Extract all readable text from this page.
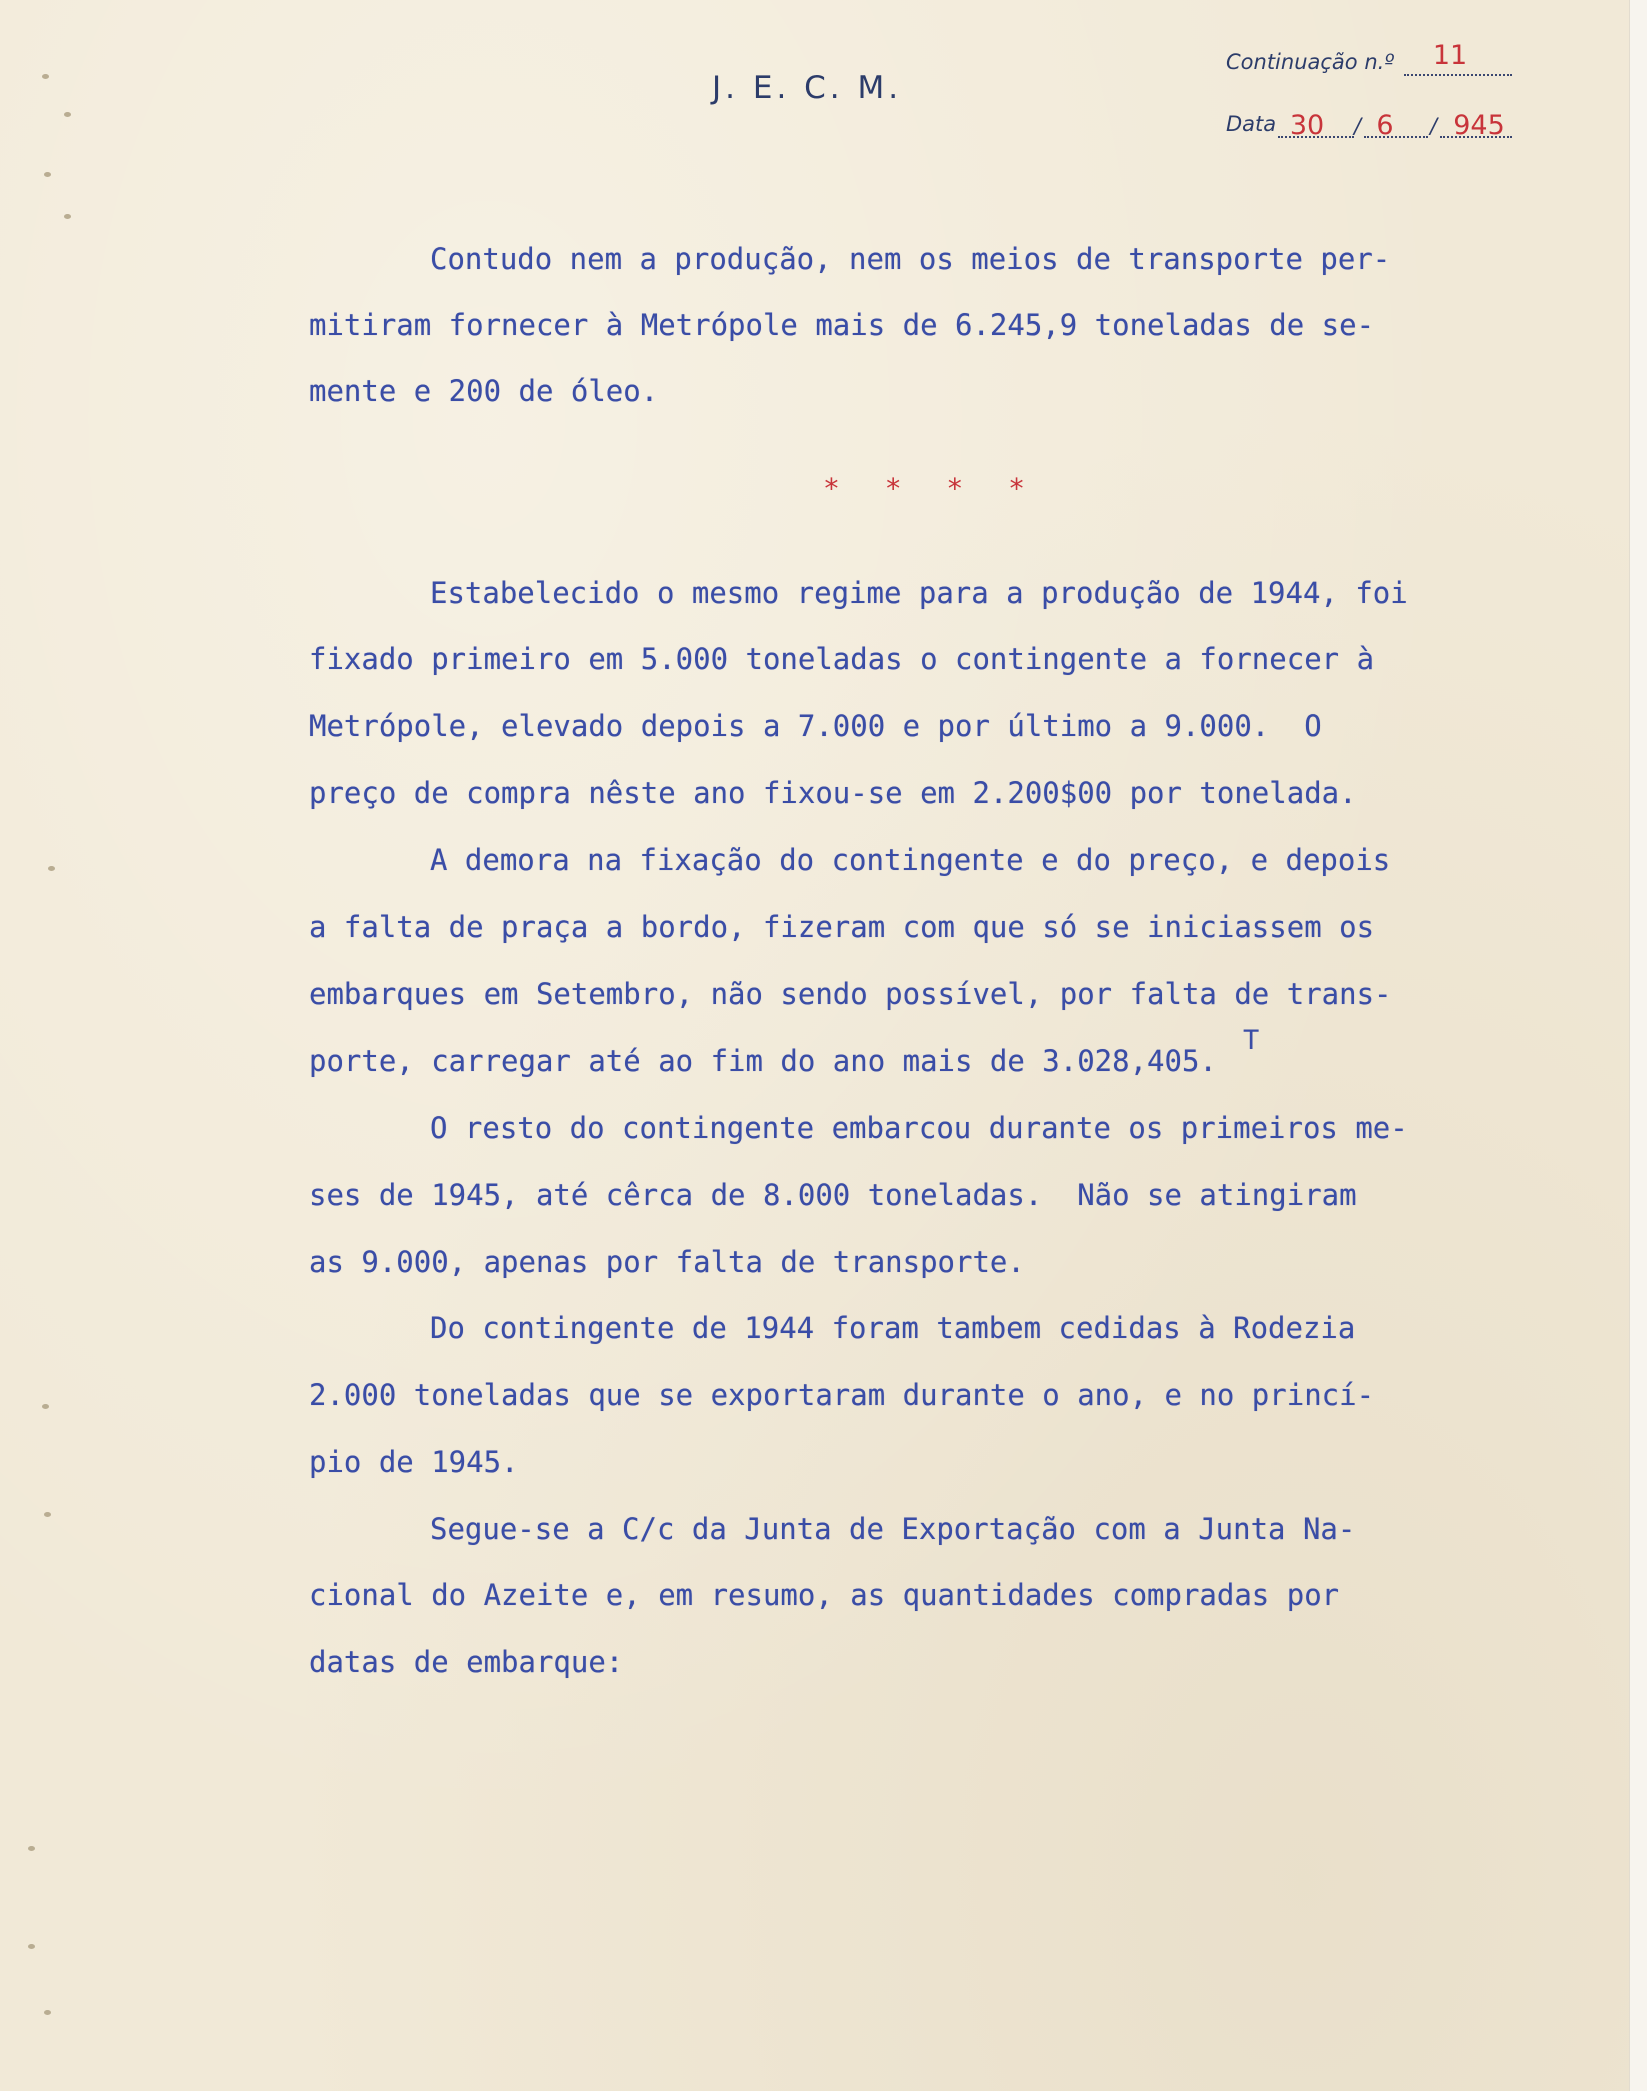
J. E. C. M.
Continuação n.º	11
Data 30	/ 6	/ 945

Contudo nem a produção, nem os meios de transporte per-

mitiram fornecer à Metrópole mais de 6.245,9 toneladas de se-

mente e 200 de óleo.

Estabelecido o mesmo regime para a produção de 1944, foi

fixado primeiro em 5.000 toneladas o contingente a fornecer à

Metrópole, elevado depois a 7.000 e por último a 9.000.  O

preço de compra nêste ano fixou-se em 2.200$00 por tonelada.

A demora na fixação do contingente e do preço, e depois

a falta de praça a bordo, fizeram com que só se iniciassem os

embarques em Setembro, não sendo possível, por falta de trans-

porte, carregar até ao fim do ano mais de 3.028,405.

O resto do contingente embarcou durante os primeiros me-

ses de 1945, até cêrca de 8.000 toneladas.  Não se atingiram

as 9.000, apenas por falta de transporte.

Do contingente de 1944 foram tambem cedidas à Rodezia

2.000 toneladas que se exportaram durante o ano, e no princí-

pio de 1945.

Segue-se a C/c da Junta de Exportação com a Junta Na-

cional do Azeite e, em resumo, as quantidades compradas por

datas de embarque:

* * * *
T
